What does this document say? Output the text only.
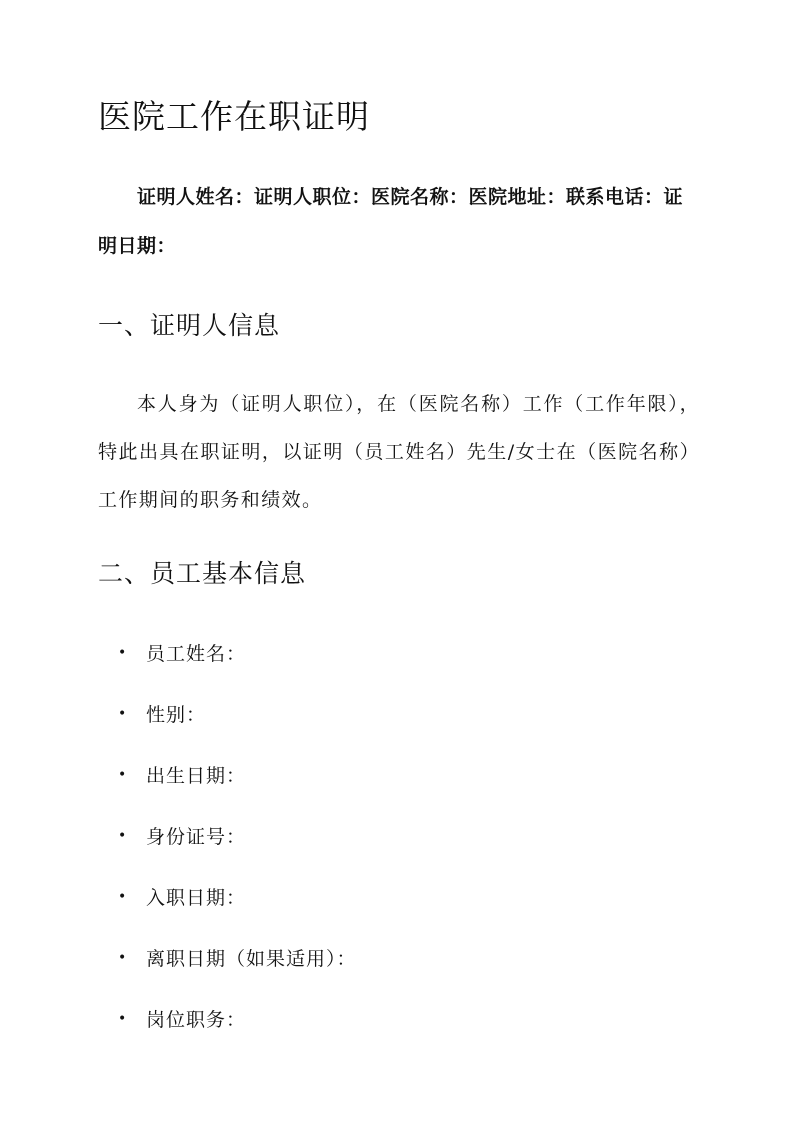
医院工作在职证明
证明人姓名：证明人职位：医院名称：医院地址：联系电话：证明日期：
一、证明人信息

本人身为（证明人职位），在（医院名称）工作（工作年限），特此出具在职证明，以证明（员工姓名）先生/女士在（医院名称）工作期间的职务和绩效。

二、员工基本信息
• 员工姓名：
• 性别：
• 出生日期：
• 身份证号：
• 入职日期：
• 离职日期（如果适用）：
• 岗位职务：
